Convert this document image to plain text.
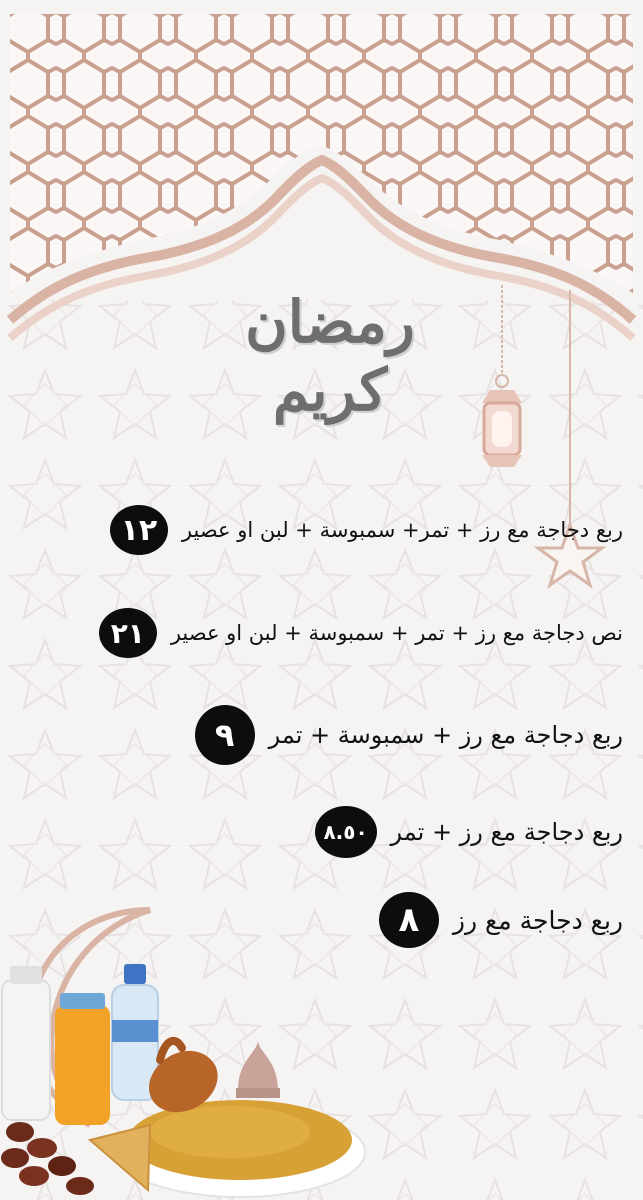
رمضان كريم
ربع دجاجة مع رز + تمر+ سمبوسة + لبن او عصير
١٢
نص دجاجة مع رز + تمر + سمبوسة + لبن او عصير
٢١
ربع دجاجة مع رز + سمبوسة + تمر
٩
ربع دجاجة مع رز + تمر
٨.٥٠
ربع دجاجة مع رز
٨
